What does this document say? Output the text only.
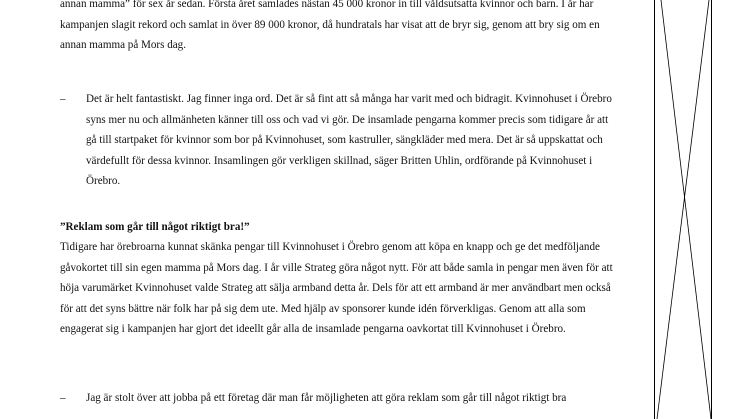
annan mamma” för sex år sedan. Första året samlades nästan 45 000 kronor in till våldsutsatta kvinnor och barn. I år har kampanjen slagit rekord och samlat in över 89 000 kronor, då hundratals har visat att de bryr sig, genom att bry sig om en annan mamma på Mors dag.

–	Det är helt fantastiskt. Jag finner inga ord. Det är så fint att så många har varit med och bidragit. Kvinnohuset i Örebro syns mer nu och allmänheten känner till oss och vad vi gör. De insamlade pengarna kommer precis som tidigare år att gå till startpaket för kvinnor som bor på Kvinnohuset, som kastruller, sängkläder med mera. Det är så uppskattat och värdefullt för dessa kvinnor. Insamlingen gör verkligen skillnad, säger Britten Uhlin, ordförande på Kvinnohuset i Örebro.

”Reklam som går till något riktigt bra!”

Tidigare har örebroarna kunnat skänka pengar till Kvinnohuset i Örebro genom att köpa en knapp och ge det medföljande gåvokortet till sin egen mamma på Mors dag. I år ville Strateg göra något nytt. För att både samla in pengar men även för att höja varumärket Kvinnohuset valde Strateg att sälja armband detta år. Dels för att ett armband är mer användbart men också för att det syns bättre när folk har på sig dem ute. Med hjälp av sponsorer kunde idén förverkligas. Genom att alla som engagerat sig i kampanjen har gjort det ideellt går alla de insamlade pengarna oavkortat till Kvinnohuset i Örebro.

–	Jag är stolt över att jobba på ett företag där man får möjligheten att göra reklam som går till något riktigt bra
